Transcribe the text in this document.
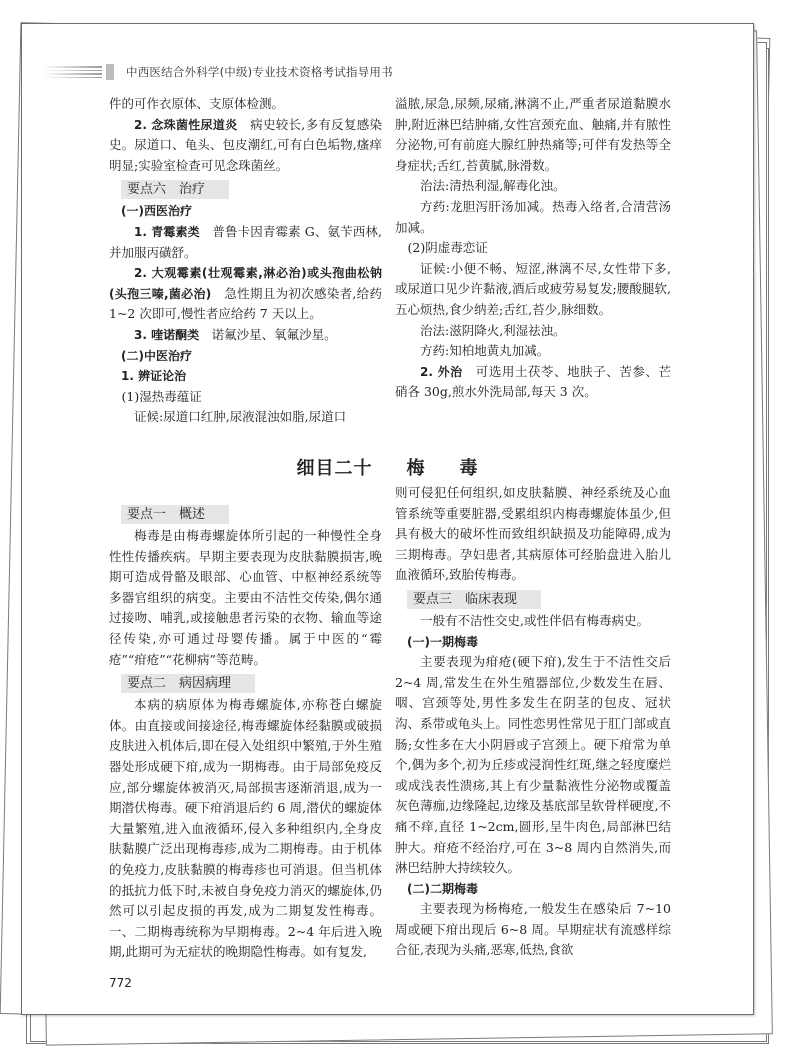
中西医结合外科学(中级)专业技术资格考试指导用书

件的可作衣原体、支原体检测。

2. 念珠菌性尿道炎　 病史较长,多有反复感染史。尿道口、龟头、包皮潮红,可有白色垢物,瘙痒明显;实验室检查可见念珠菌丝。

要点六　治疗

(一)西医治疗

1. 青霉素类　 普鲁卡因青霉素 G、氨苄西林,并加服丙磺舒。

2. 大观霉素(壮观霉素,淋必治)或头孢曲松钠(头孢三嗪,菌必治)　 急性期且为初次感染者,给药 1~2 次即可,慢性者应给药 7 天以上。

3. 喹诺酮类　 诺氟沙星、氧氟沙星。

(二)中医治疗

1. 辨证论治

(1)湿热毒蕴证

证候:尿道口红肿,尿液混浊如脂,尿道口

溢脓,尿急,尿频,尿痛,淋漓不止,严重者尿道黏膜水肿,附近淋巴结肿痛,女性宫颈充血、触痛,并有脓性分泌物,可有前庭大腺红肿热痛等;可伴有发热等全身症状;舌红,苔黄腻,脉滑数。

治法:清热利湿,解毒化浊。

方药:龙胆泻肝汤加减。热毒入络者,合清营汤加减。

(2)阴虚毒恋证

证候:小便不畅、短涩,淋漓不尽,女性带下多,或尿道口见少许黏液,酒后或疲劳易复发;腰酸腿软,五心烦热,食少纳差;舌红,苔少,脉细数。

治法:滋阴降火,利湿祛浊。

方药:知柏地黄丸加减。

2. 外治　 可选用土茯苓、地肤子、苦参、芒硝各 30g,煎水外洗局部,每天 3 次。

细目二十 梅 毒
要点一　概述

梅毒是由梅毒螺旋体所引起的一种慢性全身性性传播疾病。早期主要表现为皮肤黏膜损害,晚期可造成骨骼及眼部、心血管、中枢神经系统等多器官组织的病变。主要由不洁性交传染,偶尔通过接吻、哺乳,或接触患者污染的衣物、输血等途径传染,亦可通过母婴传播。属于中医的“霉疮”“疳疮”“花柳病”等范畴。

要点二　病因病理

本病的病原体为梅毒螺旋体,亦称苍白螺旋体。由直接或间接途径,梅毒螺旋体经黏膜或破损皮肤进入机体后,即在侵入处组织中繁殖,于外生殖器处形成硬下疳,成为一期梅毒。由于局部免疫反应,部分螺旋体被消灭,局部损害逐渐消退,成为一期潜伏梅毒。硬下疳消退后约 6 周,潜伏的螺旋体大量繁殖,进入血液循环,侵入多种组织内,全身皮肤黏膜广泛出现梅毒疹,成为二期梅毒。由于机体的免疫力,皮肤黏膜的梅毒疹也可消退。但当机体的抵抗力低下时,未被自身免疫力消灭的螺旋体,仍然可以引起皮损的再发,成为二期复发性梅毒。一、二期梅毒统称为早期梅毒。2~4 年后进入晚期,此期可为无症状的晚期隐性梅毒。如有复发,

则可侵犯任何组织,如皮肤黏膜、神经系统及心血管系统等重要脏器,受累组织内梅毒螺旋体虽少,但具有极大的破坏性而致组织缺损及功能障碍,成为三期梅毒。孕妇患者,其病原体可经胎盘进入胎儿血液循环,致胎传梅毒。

要点三　临床表现

一般有不洁性交史,或性伴侣有梅毒病史。

(一)一期梅毒

主要表现为疳疮(硬下疳),发生于不洁性交后 2~4 周,常发生在外生殖器部位,少数发生在唇、咽、宫颈等处,男性多发生在阴茎的包皮、冠状沟、系带或龟头上。同性恋男性常见于肛门部或直肠;女性多在大小阴唇或子宫颈上。硬下疳常为单个,偶为多个,初为丘疹或浸润性红斑,继之轻度糜烂或成浅表性溃疡,其上有少量黏液性分泌物或覆盖灰色薄痂,边缘隆起,边缘及基底部呈软骨样硬度,不痛不痒,直径 1~2cm,圆形,呈牛肉色,局部淋巴结肿大。疳疮不经治疗,可在 3~8 周内自然消失,而淋巴结肿大持续较久。

(二)二期梅毒

主要表现为杨梅疮,一般发生在感染后 7~10 周或硬下疳出现后 6~8 周。早期症状有流感样综合征,表现为头痛,恶寒,低热,食欲

772
